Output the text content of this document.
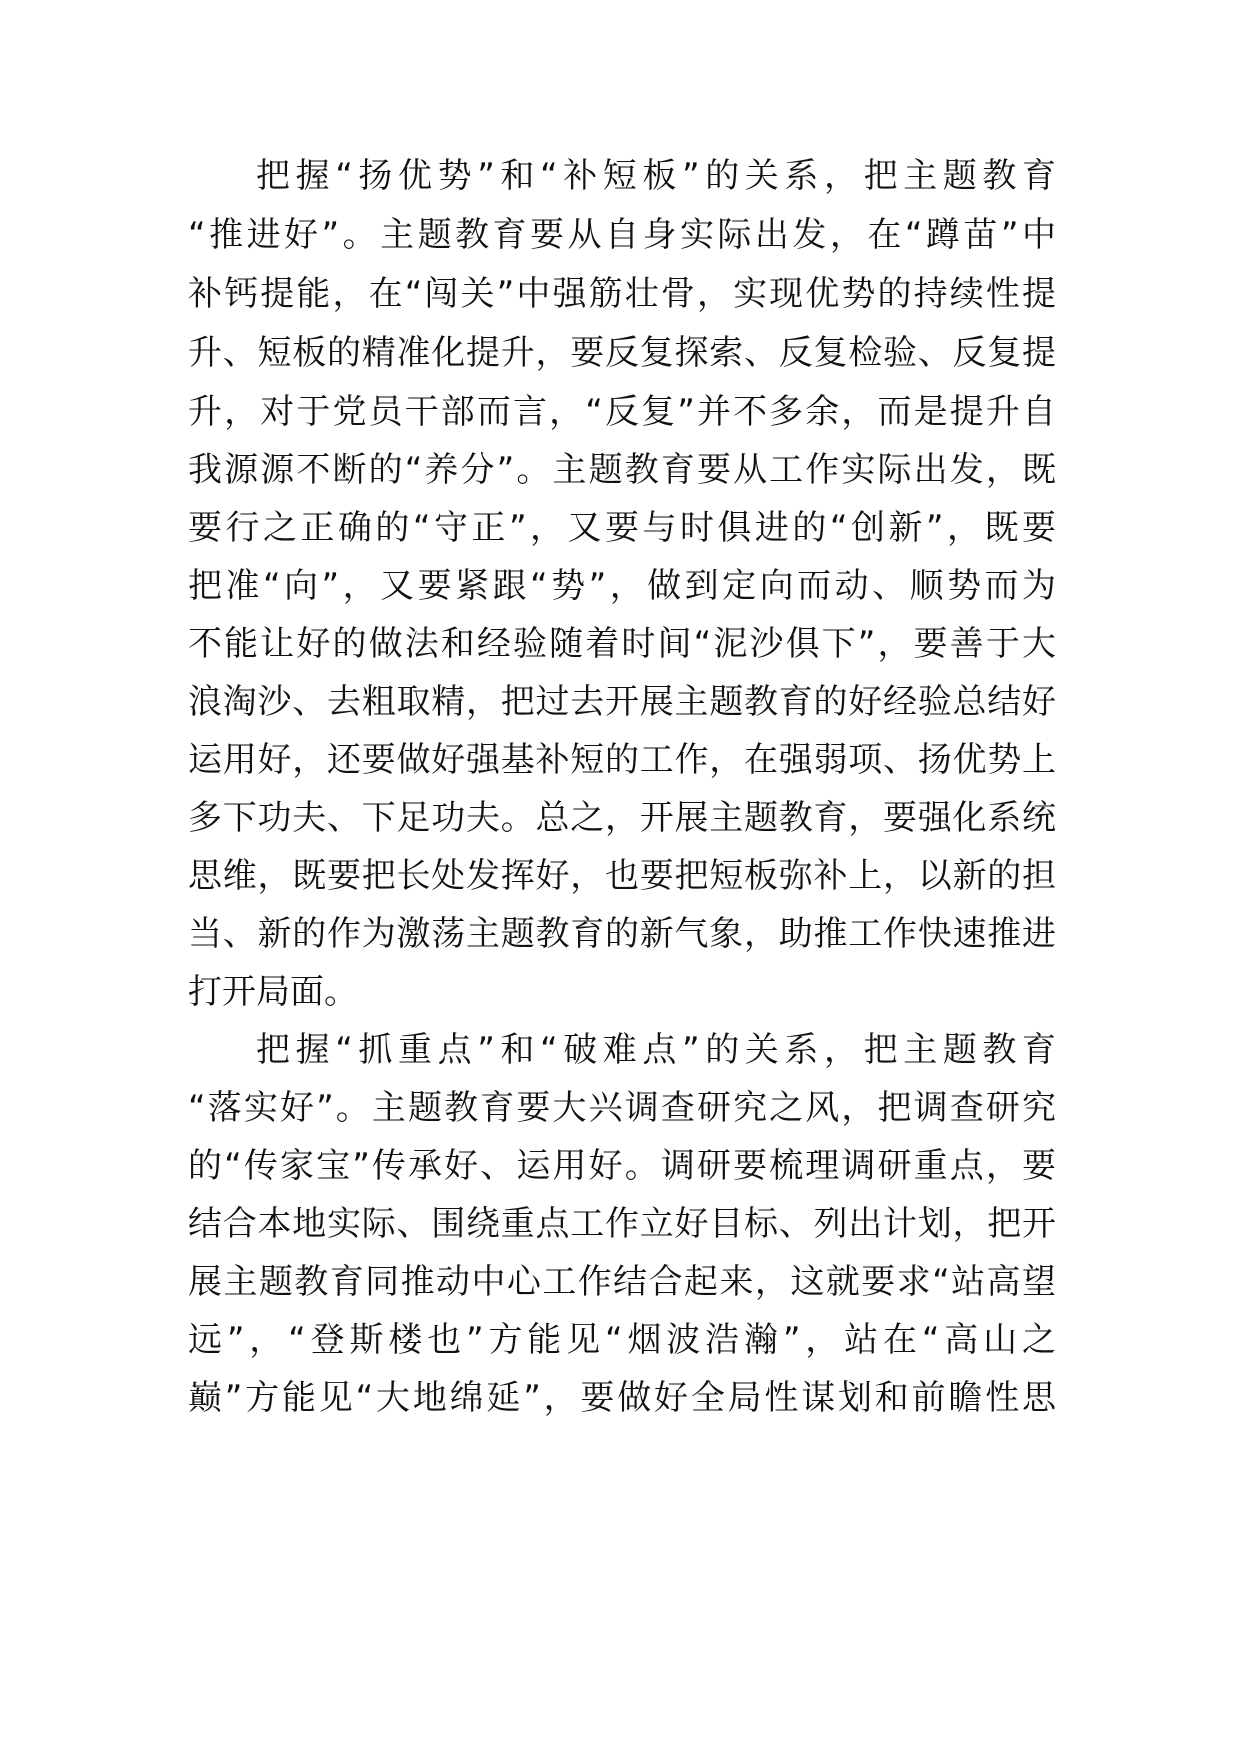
把握“扬优势”和“补短板”的关系，把主题教育
“推进好”。主题教育要从自身实际出发，在“蹲苗”中
补钙提能，在“闯关”中强筋壮骨，实现优势的持续性提
升、短板的精准化提升，要反复探索、反复检验、反复提
升，对于党员干部而言，“反复”并不多余，而是提升自
我源源不断的“养分”。主题教育要从工作实际出发，既
要行之正确的“守正”，又要与时俱进的“创新”，既要
把准“向”，又要紧跟“势”，做到定向而动、顺势而为
不能让好的做法和经验随着时间“泥沙俱下”，要善于大
浪淘沙、去粗取精，把过去开展主题教育的好经验总结好
运用好，还要做好强基补短的工作，在强弱项、扬优势上
多下功夫、下足功夫。总之，开展主题教育，要强化系统
思维，既要把长处发挥好，也要把短板弥补上，以新的担
当、新的作为激荡主题教育的新气象，助推工作快速推进
打开局面。
把握“抓重点”和“破难点”的关系，把主题教育
“落实好”。主题教育要大兴调查研究之风，把调查研究
的“传家宝”传承好、运用好。调研要梳理调研重点，要
结合本地实际、围绕重点工作立好目标、列出计划，把开
展主题教育同推动中心工作结合起来，这就要求“站高望
远”，“登斯楼也”方能见“烟波浩瀚”，站在“高山之
巅”方能见“大地绵延”，要做好全局性谋划和前瞻性思
